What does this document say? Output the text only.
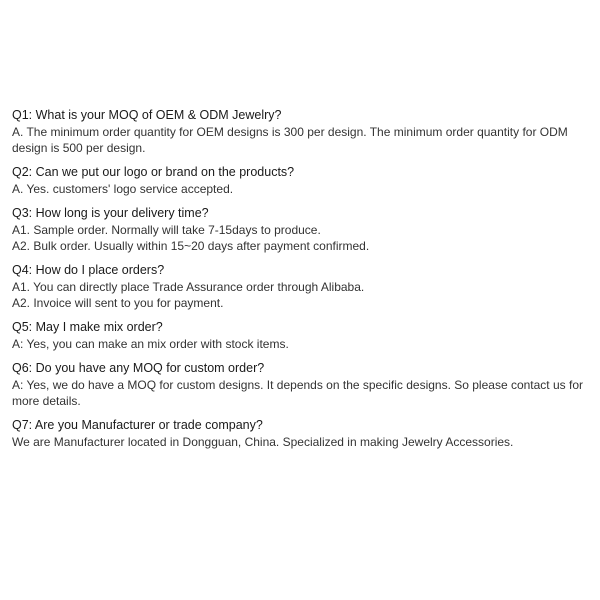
Q1: What is your MOQ of OEM & ODM Jewelry?

A. The minimum order quantity for OEM designs is 300 per design. The minimum order quantity for ODM design is 500 per design.

Q2: Can we put our logo or brand on the products?

A. Yes. customers' logo service accepted.

Q3: How long is your delivery time?

A1. Sample order. Normally will take 7-15days to produce.
A2. Bulk order. Usually within 15~20 days after payment confirmed.

Q4: How do I place orders?

A1. You can directly place Trade Assurance order through Alibaba.
A2. Invoice will sent to you for payment.

Q5: May I make mix order?

A: Yes, you can make an mix order with stock items.

Q6: Do you have any MOQ for custom order?

A: Yes, we do have a MOQ for custom designs. It depends on the specific designs. So please contact us for more details.

Q7: Are you Manufacturer or trade company?

We are Manufacturer located in Dongguan, China. Specialized in making Jewelry Accessories.
